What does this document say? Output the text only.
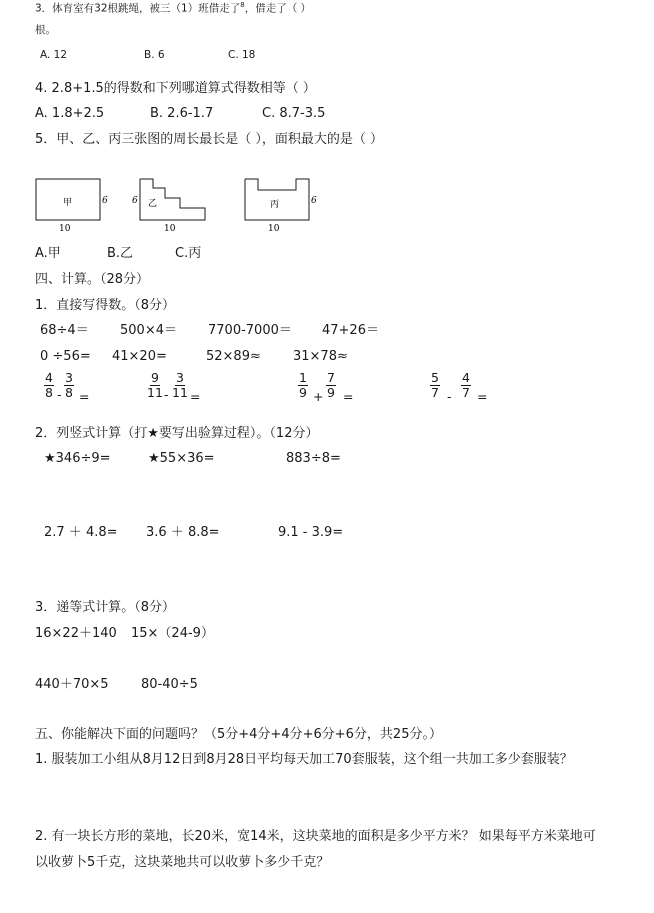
3．体育室有32根跳绳，被三（1）班借走了$^8$，借走了（ ）
根。
A. 12	B. 6	C. 18
4. 2.8+1.5的得数和下列哪道算式得数相等（ ）
A. 1.8+2.5	B. 2.6-1.7	C. 8.7-3.5
5．甲、乙、丙三张图的周长最长是（ ），面积最大的是（ ）
甲	6
10
乙
6
10
丙	6
10
A.甲	B.乙	C.丙
四、计算。（28分）
1．直接写得数。（8分）
68÷4＝ 500×4＝ 7700-7000＝ 47+26＝
0 ÷56= 41×20=	52×89≈ 31×78≈
$\frac{4}{8} - \frac{3}{8}$ =	$\frac{9}{11} - \frac{3}{11}$ =	$\frac{1}{9} + \frac{7}{9}$ =	$\frac{5}{7} - \frac{4}{7}$ =
2．列竖式计算（打★要写出验算过程）。（12分）
★346÷9=	★55×36=	883÷8=
2.7 ＋ 4.8= 3.6 ＋ 8.8=	9.1 - 3.9=
3．递等式计算。（8分）
16×22＋140 15×（24-9）
440＋70×5 80-40÷5
五、你能解决下面的问题吗？（5分+4分+4分+6分+6分，共25分。）
1. 服装加工小组从8月12日到8月28日平均每天加工70套服装，这个组一共加工多少套服装？
2. 有一块长方形的菜地，长20米，宽14米，这块菜地的面积是多少平方米？ 如果每平方米菜地可
以收萝卜5千克，这块菜地共可以收萝卜多少千克？
